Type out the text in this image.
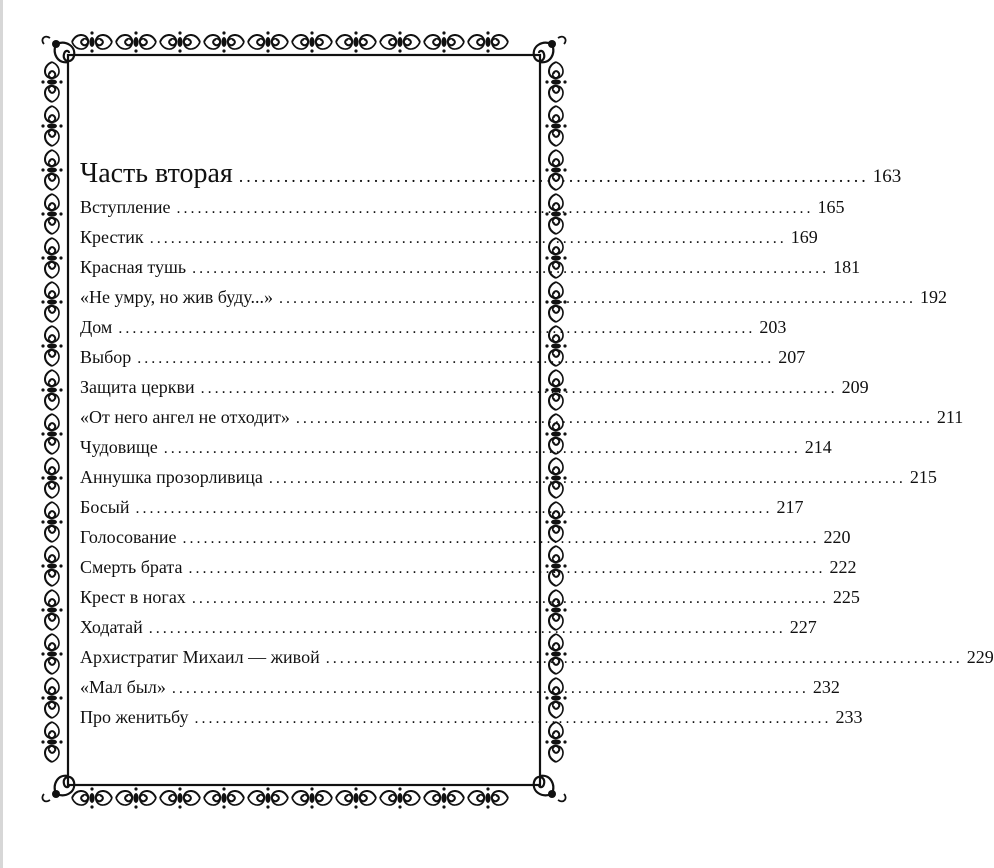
Часть вторая .................................................................................... 163
Вступление ........................................................................................... 165
Крестик ........................................................................................... 169
Красная тушь ........................................................................................... 181
«Не умру, но жив буду...» ........................................................................................... 192
Дом ........................................................................................... 203
Выбор ........................................................................................... 207
Защита церкви ........................................................................................... 209
«От него ангел не отходит» ........................................................................................... 211
Чудовище ........................................................................................... 214
Аннушка прозорливица ........................................................................................... 215
Босый ........................................................................................... 217
Голосование ........................................................................................... 220
Смерть брата ........................................................................................... 222
Крест в ногах ........................................................................................... 225
Ходатай ........................................................................................... 227
Архистратиг Михаил — живой ........................................................................................... 229
«Мал был» ........................................................................................... 232
Про женитьбу ........................................................................................... 233
